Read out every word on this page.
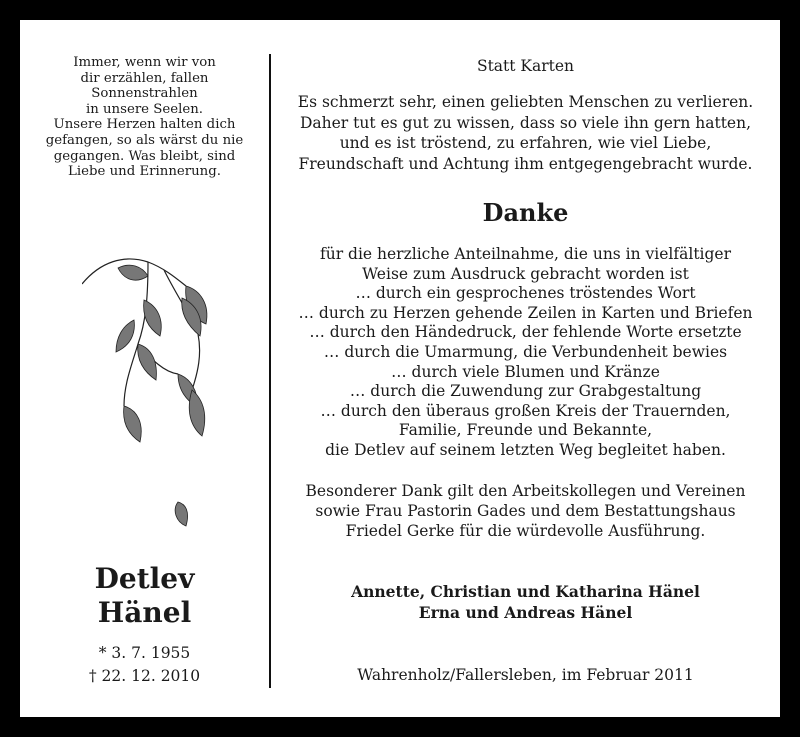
Immer, wenn wir von
dir erzählen, fallen
Sonnenstrahlen
in unsere Seelen.
Unsere Herzen halten dich
gefangen, so als wärst du nie
gegangen. Was bleibt, sind
Liebe und Erinnerung.
Detlev
Hänel
* 3. 7. 1955
† 22. 12. 2010
Statt Karten
Es schmerzt sehr, einen geliebten Menschen zu verlieren.
Daher tut es gut zu wissen, dass so viele ihn gern hatten,
und es ist tröstend, zu erfahren, wie viel Liebe,
Freundschaft und Achtung ihm entgegengebracht wurde.
Danke
für die herzliche Anteilnahme, die uns in vielfältiger
Weise zum Ausdruck gebracht worden ist
… durch ein gesprochenes tröstendes Wort
… durch zu Herzen gehende Zeilen in Karten und Briefen
… durch den Händedruck, der fehlende Worte ersetzte
… durch die Umarmung, die Verbundenheit bewies
… durch viele Blumen und Kränze
… durch die Zuwendung zur Grabgestaltung
… durch den überaus großen Kreis der Trauernden,
Familie, Freunde und Bekannte,
die Detlev auf seinem letzten Weg begleitet haben.
Besonderer Dank gilt den Arbeitskollegen und Vereinen
sowie Frau Pastorin Gades und dem Bestattungshaus
Friedel Gerke für die würdevolle Ausführung.
Annette, Christian und Katharina Hänel
Erna und Andreas Hänel
Wahrenholz/Fallersleben, im Februar 2011
